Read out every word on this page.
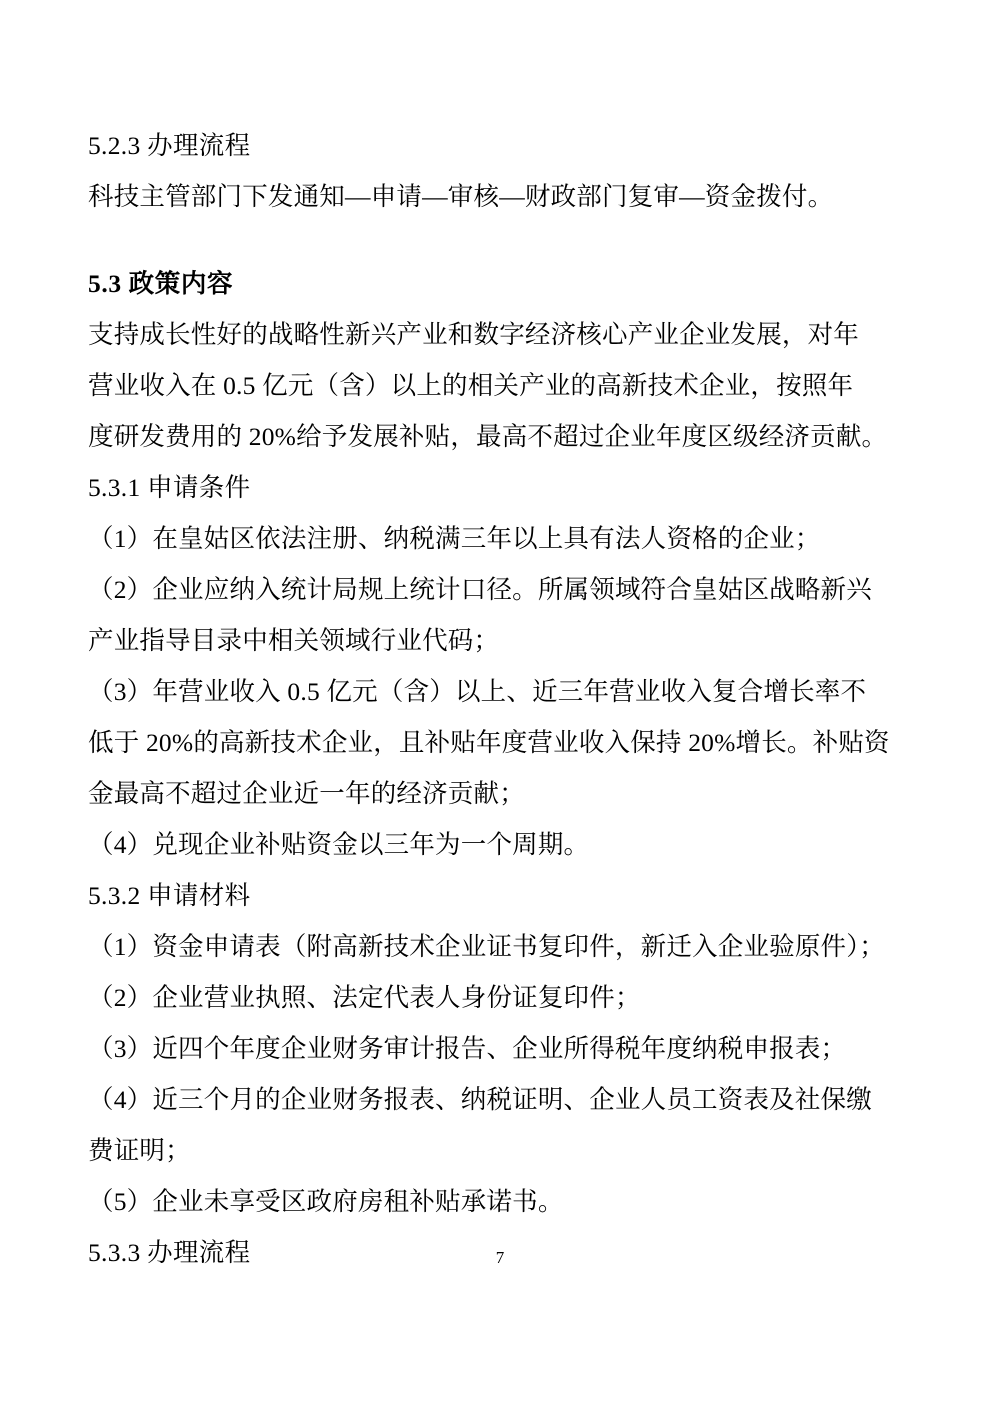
5.2.3 办理流程
科技主管部门下发通知—申请—审核—财政部门复审—资金拨付。
5.3 政策内容
支持成长性好的战略性新兴产业和数字经济核心产业企业发展，对年
营业收入在 0.5 亿元（含）以上的相关产业的高新技术企业，按照年
度研发费用的 20%给予发展补贴，最高不超过企业年度区级经济贡献。
5.3.1 申请条件
（1）在皇姑区依法注册、纳税满三年以上具有法人资格的企业；
（2）企业应纳入统计局规上统计口径。所属领域符合皇姑区战略新兴
产业指导目录中相关领域行业代码；
（3）年营业收入 0.5 亿元（含）以上、近三年营业收入复合增长率不
低于 20%的高新技术企业，且补贴年度营业收入保持 20%增长。补贴资
金最高不超过企业近一年的经济贡献；
（4）兑现企业补贴资金以三年为一个周期。
5.3.2 申请材料
（1）资金申请表（附高新技术企业证书复印件，新迁入企业验原件）；
（2）企业营业执照、法定代表人身份证复印件；
（3）近四个年度企业财务审计报告、企业所得税年度纳税申报表；
（4）近三个月的企业财务报表、纳税证明、企业人员工资表及社保缴
费证明；
（5）企业未享受区政府房租补贴承诺书。
5.3.3 办理流程	7
